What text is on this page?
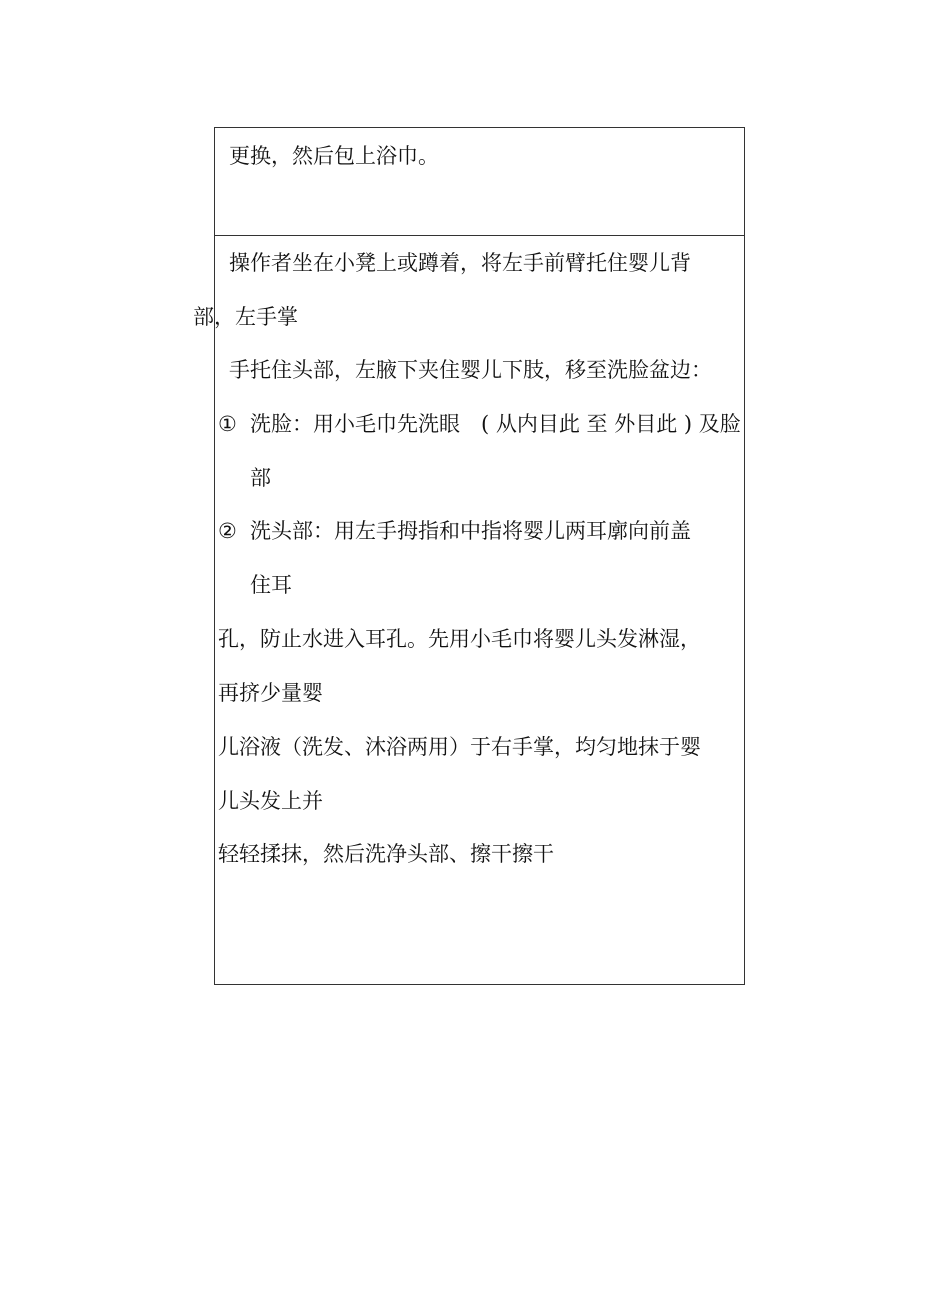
更换，然后包上浴巾。
操作者坐在小凳上或蹲着，将左手前臂托住婴儿背
部，左手掌
手托住头部，左腋下夹住婴儿下肢，移至洗脸盆边：
① 洗脸：用小毛巾先洗眼　( 从内目此 至 外目此 ) 及脸
部
② 洗头部：用左手拇指和中指将婴儿两耳廓向前盖
住耳
孔，防止水进入耳孔。先用小毛巾将婴儿头发淋湿，
再挤少量婴
儿浴液（洗发、沐浴两用）于右手掌，均匀地抹于婴
儿头发上并
轻轻揉抹，然后洗净头部、擦干擦干
